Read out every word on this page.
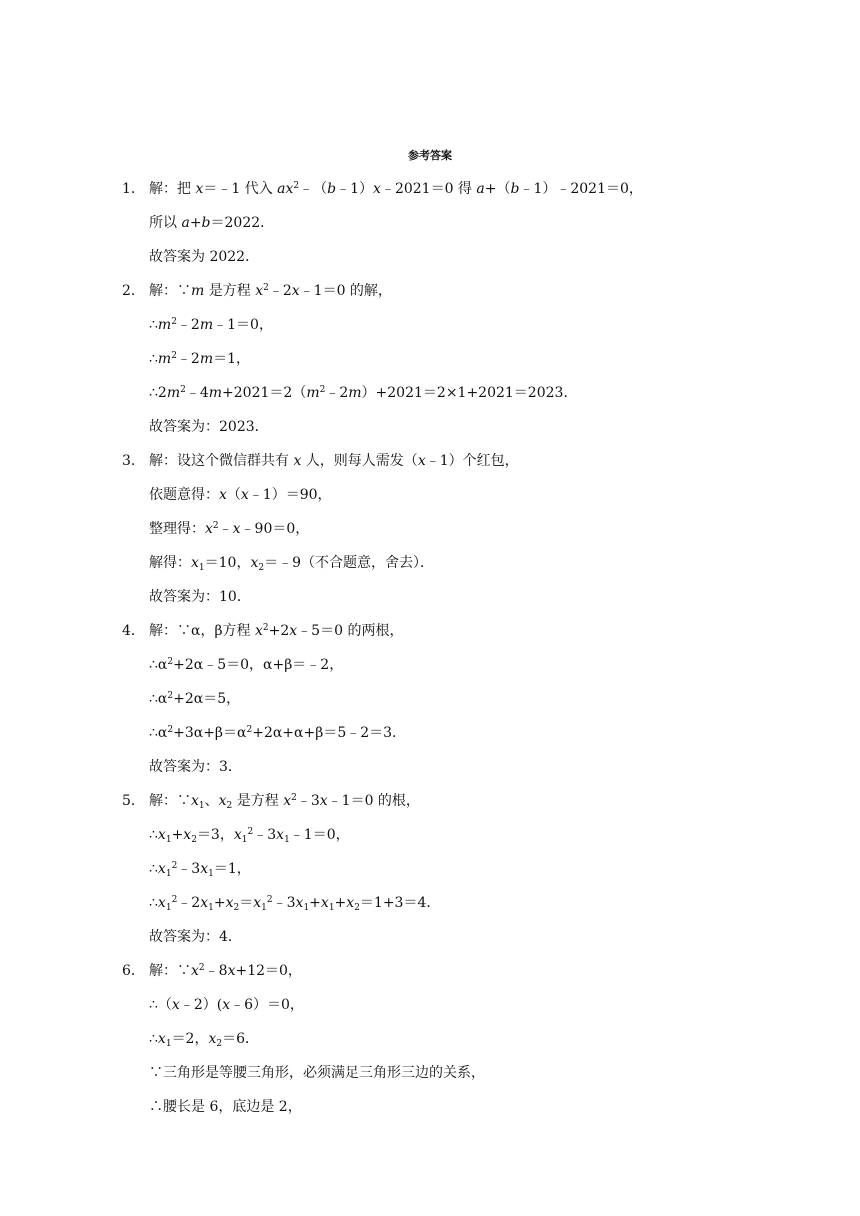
参考答案
1． 解：把 x＝﹣1 代入 $ax^2﹣(b﹣1)x﹣2021=0$ 得 a+（b﹣1）﹣2021＝0，
所以 a+b＝2022．
故答案为 2022．
2． 解：∵m 是方程 $x^2﹣2x﹣1=0$ 的解，
$\therefore m^2﹣2m﹣1=0$，
$\therefore m^2﹣2m=1$，
$\therefore 2m^2﹣4m+2021=2(m^2﹣2m)+2021=2\times 1+2021=2023$．
故答案为：2023．
3． 解：设这个微信群共有 x 人，则每人需发（x﹣1）个红包，
依题意得：x（x﹣1）＝90，
整理得：$x^2﹣x﹣90=0$，
解得：$x_1=10$，$x_2=﹣9$（不合题意，舍去）．
故答案为：10．
4． 解：∵α，β方程 $x^2+2x﹣5=0$ 的两根，
$\therefore\alpha^2+2\alpha﹣5=0$，α+β＝﹣2，
$\therefore\alpha^2+2\alpha=5$，
$\therefore\alpha^2+3\alpha+\beta=\alpha^2+2\alpha+\alpha+\beta=5﹣2=3$．
故答案为：3．
5． 解：$\because x_1$、$x_2$ 是方程 $x^2﹣3x﹣1=0$ 的根，
$\therefore x_1+x_2=3$，$x_1^2﹣3x_1﹣1=0$，
$\therefore x_1^2﹣3x_1=1$，
$\therefore x_1^2﹣2x_1+x_2=x_1^2﹣3x_1+x_1+x_2=1+3=4$．
故答案为：4．
6． 解：$\because x^2﹣8x+12=0$，
∴（x﹣2）(x﹣6）＝0，
$\therefore x_1=2$，$x_2=6$．
∵三角形是等腰三角形，必须满足三角形三边的关系，
∴腰长是 6，底边是 2，
